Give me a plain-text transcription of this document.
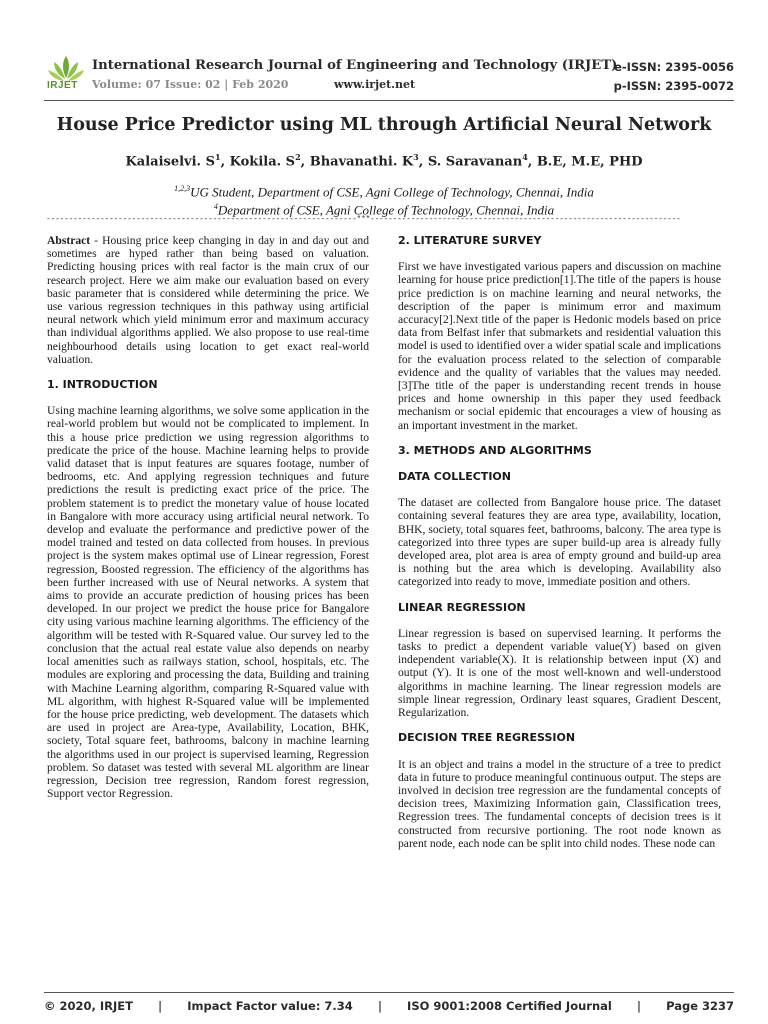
IRJET
International Research Journal of Engineering and Technology (IRJET)
Volume: 07 Issue: 02 | Feb 2020	www.irjet.net
e-ISSN: 2395-0056
p-ISSN: 2395-0072
House Price Predictor using ML through Artificial Neural Network
Kalaiselvi. $S^1$, Kokila. $S^2$, Bhavanathi. $K^3$, S. Saravanan$^4$, B.E, M.E, PHD
$^{1,2,3}$UG Student, Department of CSE, Agni College of Technology, Chennai, India
$^4$Department of CSE, Agni College of Technology, Chennai, India
---------------------------------------------------------------------***---------------------------------------------------------------------

Abstract - Housing price keep changing in day in and day out and sometimes are hyped rather than being based on valuation. Predicting housing prices with real factor is the main crux of our research project. Here we aim make our evaluation based on every basic parameter that is considered while determining the price. We use various regression techniques in this pathway using artificial neural network which yield minimum error and maximum accuracy than individual algorithms applied. We also propose to use real-time neighbourhood details using location to get exact real-world valuation.

1. INTRODUCTION

Using machine learning algorithms, we solve some application in the real-world problem but would not be complicated to implement. In this a house price prediction we using regression algorithms to predicate the price of the house. Machine learning helps to provide valid dataset that is input features are squares footage, number of bedrooms, etc. And applying regression techniques and future predictions the result is predicting exact price of the price. The problem statement is to predict the monetary value of house located in Bangalore with more accuracy using artificial neural network. To develop and evaluate the performance and predictive power of the model trained and tested on data collected from houses. In previous project is the system makes optimal use of Linear regression, Forest regression, Boosted regression. The efficiency of the algorithms has been further increased with use of Neural networks. A system that aims to provide an accurate prediction of housing prices has been developed. In our project we predict the house price for Bangalore city using various machine learning algorithms. The efficiency of the algorithm will be tested with R-Squared value. Our survey led to the conclusion that the actual real estate value also depends on nearby local amenities such as railways station, school, hospitals, etc. The modules are exploring and processing the data, Building and training with Machine Learning algorithm, comparing R-Squared value with ML algorithm, with highest R-Squared value will be implemented for the house price predicting, web development. The datasets which are used in project are Area-type, Availability, Location, BHK, society, Total square feet, bathrooms, balcony in machine learning the algorithms used in our project is supervised learning, Regression problem. So dataset was tested with several ML algorithm are linear regression, Decision tree regression, Random forest regression, Support vector Regression.

2. LITERATURE SURVEY

First we have investigated various papers and discussion on machine learning for house price prediction[1].The title of the papers is house price prediction is on machine learning and neural networks, the description of the paper is minimum error and maximum accuracy[2].Next title of the paper is Hedonic models based on price data from Belfast infer that submarkets and residential valuation this model is used to identified over a wider spatial scale and implications for the evaluation process related to the selection of comparable evidence and the quality of variables that the values may needed.[3]The title of the paper is understanding recent trends in house prices and home ownership in this paper they used feedback mechanism or social epidemic that encourages a view of housing as an important investment in the market.

3. METHODS AND ALGORITHMS
DATA COLLECTION

The dataset are collected from Bangalore house price. The dataset containing several features they are area type, availability, location, BHK, society, total squares feet, bathrooms, balcony. The area type is categorized into three types are super build-up area is already fully developed area, plot area is area of empty ground and build-up area is nothing but the area which is developing. Availability also categorized into ready to move, immediate position and others.

LINEAR REGRESSION

Linear regression is based on supervised learning. It performs the tasks to predict a dependent variable value(Y) based on given independent variable(X). It is relationship between input (X) and output (Y). It is one of the most well-known and well-understood algorithms in machine learning. The linear regression models are simple linear regression, Ordinary least squares, Gradient Descent, Regularization.

DECISION TREE REGRESSION

It is an object and trains a model in the structure of a tree to predict data in future to produce meaningful continuous output. The steps are involved in decision tree regression are the fundamental concepts of decision trees, Maximizing Information gain, Classification trees, Regression trees. The fundamental concepts of decision trees is it constructed from recursive portioning. The root node known as parent node, each node can be split into child nodes. These node can

© 2020, IRJET | Impact Factor value: 7.34 | ISO 9001:2008 Certified Journal | Page 3237
